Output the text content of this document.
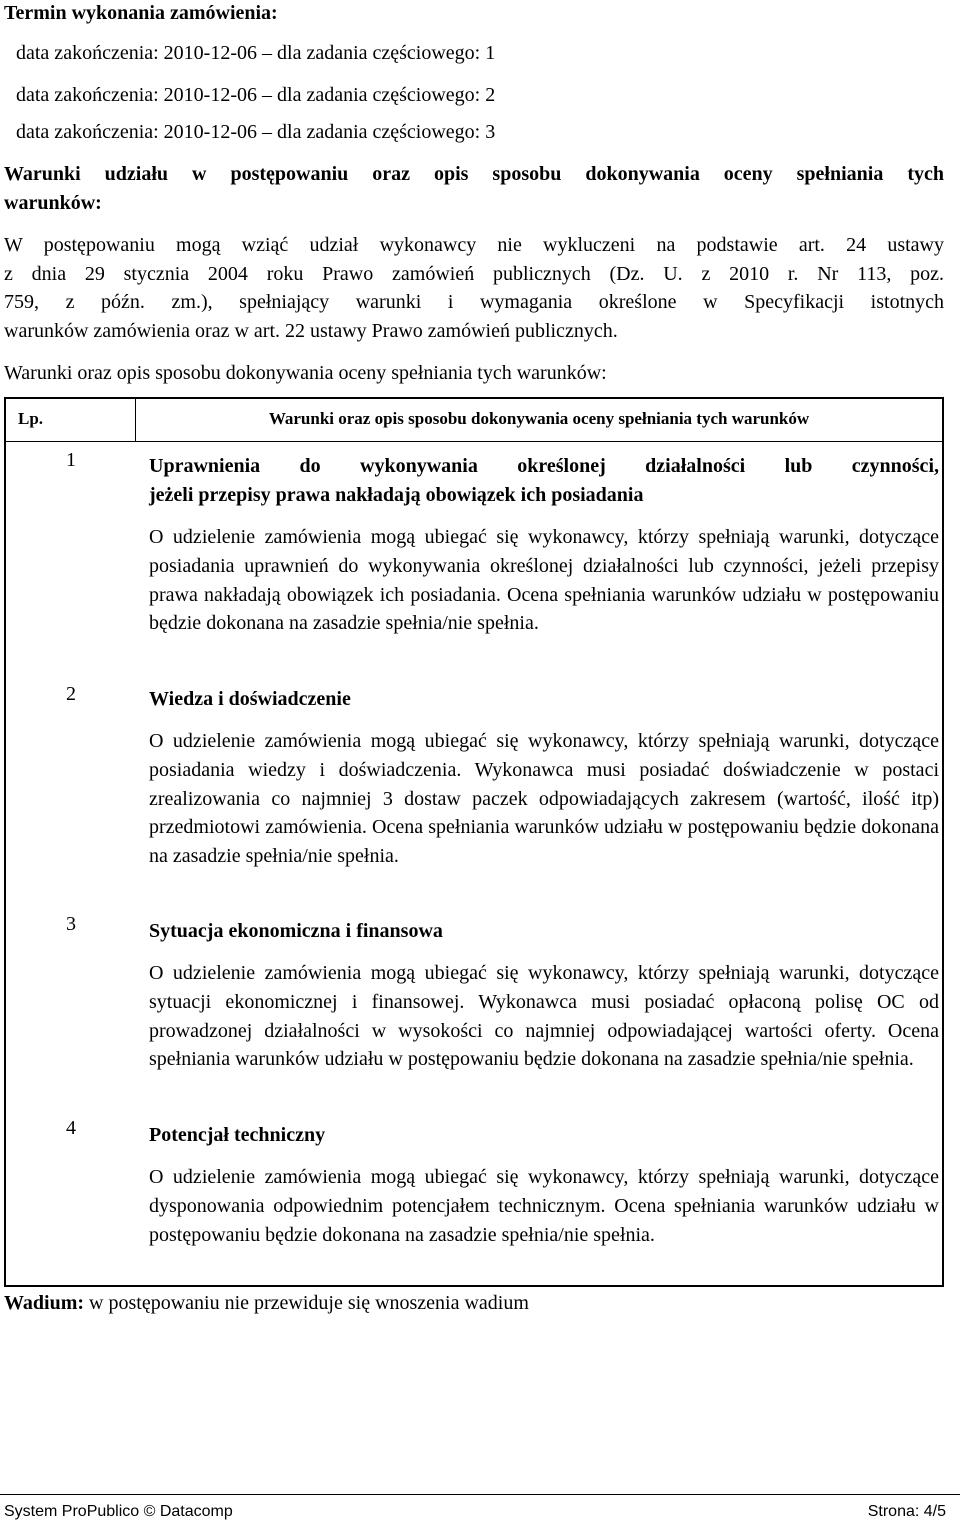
Termin wykonania zamówienia:
data zakończenia: 2010-12-06 – dla zadania częściowego: 1
data zakończenia: 2010-12-06 – dla zadania częściowego: 2
data zakończenia: 2010-12-06 – dla zadania częściowego: 3
Warunki udziału w postępowaniu oraz opis sposobu dokonywania oceny spełniania tych
warunków:
W postępowaniu mogą wziąć udział wykonawcy nie wykluczeni na podstawie art. 24 ustawy
z dnia 29 stycznia 2004 roku Prawo zamówień publicznych (Dz. U. z 2010 r. Nr 113, poz.
759, z późn. zm.), spełniający warunki i wymagania określone w Specyfikacji istotnych
warunków zamówienia oraz w art. 22 ustawy Prawo zamówień publicznych.
Warunki oraz opis sposobu dokonywania oceny spełniania tych warunków:
Lp.	Warunki oraz opis sposobu dokonywania oceny spełniania tych warunków
1	Uprawnienia do wykonywania określonej działalności lub czynności,
jeżeli przepisy prawa nakładają obowiązek ich posiadania
O udzielenie zamówienia mogą ubiegać się wykonawcy, którzy spełniają warunki, dotyczące posiadania uprawnień do wykonywania określonej działalności lub czynności, jeżeli przepisy prawa nakładają obowiązek ich posiadania. Ocena spełniania warunków udziału w postępowaniu będzie dokonana na zasadzie spełnia/nie spełnia.
2	Wiedza i doświadczenie
O udzielenie zamówienia mogą ubiegać się wykonawcy, którzy spełniają warunki, dotyczące posiadania wiedzy i doświadczenia. Wykonawca musi posiadać doświadczenie w postaci zrealizowania co najmniej 3 dostaw paczek odpowiadających zakresem (wartość, ilość itp) przedmiotowi zamówienia. Ocena spełniania warunków udziału w postępowaniu będzie dokonana na zasadzie spełnia/nie spełnia.
3	Sytuacja ekonomiczna i finansowa
O udzielenie zamówienia mogą ubiegać się wykonawcy, którzy spełniają warunki, dotyczące sytuacji ekonomicznej i finansowej. Wykonawca musi posiadać opłaconą polisę OC od prowadzonej działalności w wysokości co najmniej odpowiadającej wartości oferty. Ocena spełniania warunków udziału w postępowaniu będzie dokonana na zasadzie spełnia/nie spełnia.
4	Potencjał techniczny
O udzielenie zamówienia mogą ubiegać się wykonawcy, którzy spełniają warunki, dotyczące dysponowania odpowiednim potencjałem technicznym. Ocena spełniania warunków udziału w postępowaniu będzie dokonana na zasadzie spełnia/nie spełnia.
Wadium: w postępowaniu nie przewiduje się wnoszenia wadium
System ProPublico © Datacomp	Strona: 4/5
